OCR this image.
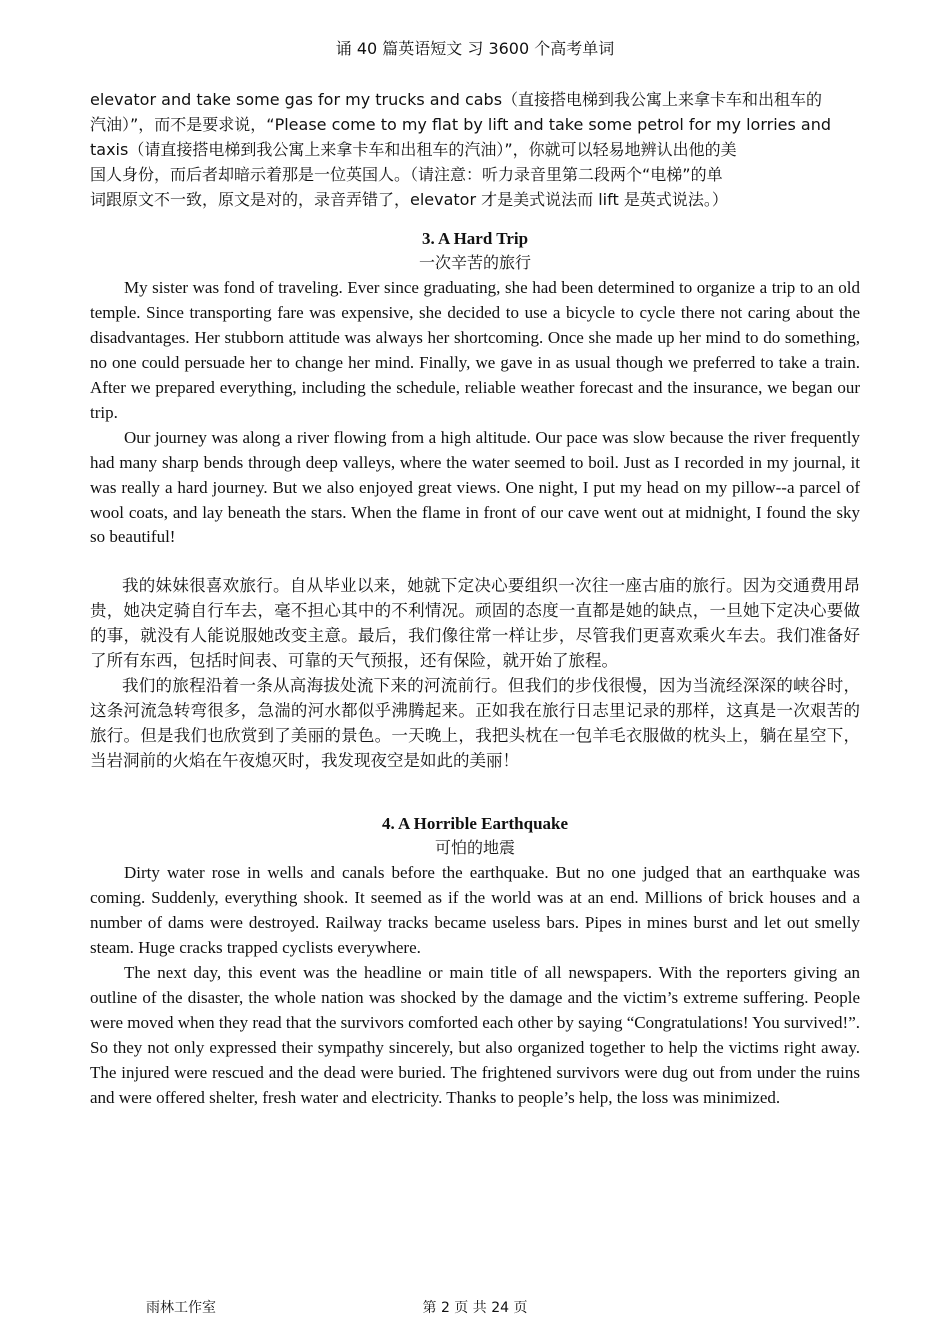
诵 40 篇英语短文 习 3600 个高考单词
elevator and take some gas for my trucks and cabs（直接搭电梯到我公寓上来拿卡车和出租车的
汽油）”，而不是要求说，“Please come to my flat by lift and take some petrol for my lorries and
taxis（请直接搭电梯到我公寓上来拿卡车和出租车的汽油）”，你就可以轻易地辨认出他的美
国人身份，而后者却暗示着那是一位英国人。（请注意：听力录音里第二段两个“电梯”的单
词跟原文不一致，原文是对的，录音弄错了，elevator 才是美式说法而 lift 是英式说法。）
3. A Hard Trip
一次辛苦的旅行

My sister was fond of traveling. Ever since graduating, she had been determined to organize a trip to an old temple. Since transporting fare was expensive, she decided to use a bicycle to cycle there not caring about the disadvantages. Her stubborn attitude was always her shortcoming. Once she made up her mind to do something, no one could persuade her to change her mind. Finally, we gave in as usual though we preferred to take a train. After we prepared everything, including the schedule, reliable weather forecast and the insurance, we began our trip.

Our journey was along a river flowing from a high altitude. Our pace was slow because the river frequently had many sharp bends through deep valleys, where the water seemed to boil. Just as I recorded in my journal, it was really a hard journey. But we also enjoyed great views. One night, I put my head on my pillow--a parcel of wool coats, and lay beneath the stars. When the flame in front of our cave went out at midnight, I found the sky so beautiful!

我的妹妹很喜欢旅行。自从毕业以来，她就下定决心要组织一次往一座古庙的旅行。因为交通费用昂贵，她决定骑自行车去，毫不担心其中的不利情况。顽固的态度一直都是她的缺点，一旦她下定决心要做的事，就没有人能说服她改变主意。最后，我们像往常一样让步，尽管我们更喜欢乘火车去。我们准备好了所有东西，包括时间表、可靠的天气预报，还有保险，就开始了旅程。

我们的旅程沿着一条从高海拔处流下来的河流前行。但我们的步伐很慢，因为当流经深深的峡谷时，这条河流急转弯很多，急湍的河水都似乎沸腾起来。正如我在旅行日志里记录的那样，这真是一次艰苦的旅行。但是我们也欣赏到了美丽的景色。一天晚上，我把头枕在一包羊毛衣服做的枕头上，躺在星空下，当岩洞前的火焰在午夜熄灭时，我发现夜空是如此的美丽！

4. A Horrible Earthquake
可怕的地震

Dirty water rose in wells and canals before the earthquake. But no one judged that an earthquake was coming. Suddenly, everything shook. It seemed as if the world was at an end. Millions of brick houses and a number of dams were destroyed. Railway tracks became useless bars. Pipes in mines burst and let out smelly steam. Huge cracks trapped cyclists everywhere.

The next day, this event was the headline or main title of all newspapers. With the reporters giving an outline of the disaster, the whole nation was shocked by the damage and the victim’s extreme suffering. People were moved when they read that the survivors comforted each other by saying “Congratulations! You survived!”. So they not only expressed their sympathy sincerely, but also organized together to help the victims right away. The injured were rescued and the dead were buried. The frightened survivors were dug out from under the ruins and were offered shelter, fresh water and electricity. Thanks to people’s help, the loss was minimized.

雨林工作室	第 2 页 共 24 页
